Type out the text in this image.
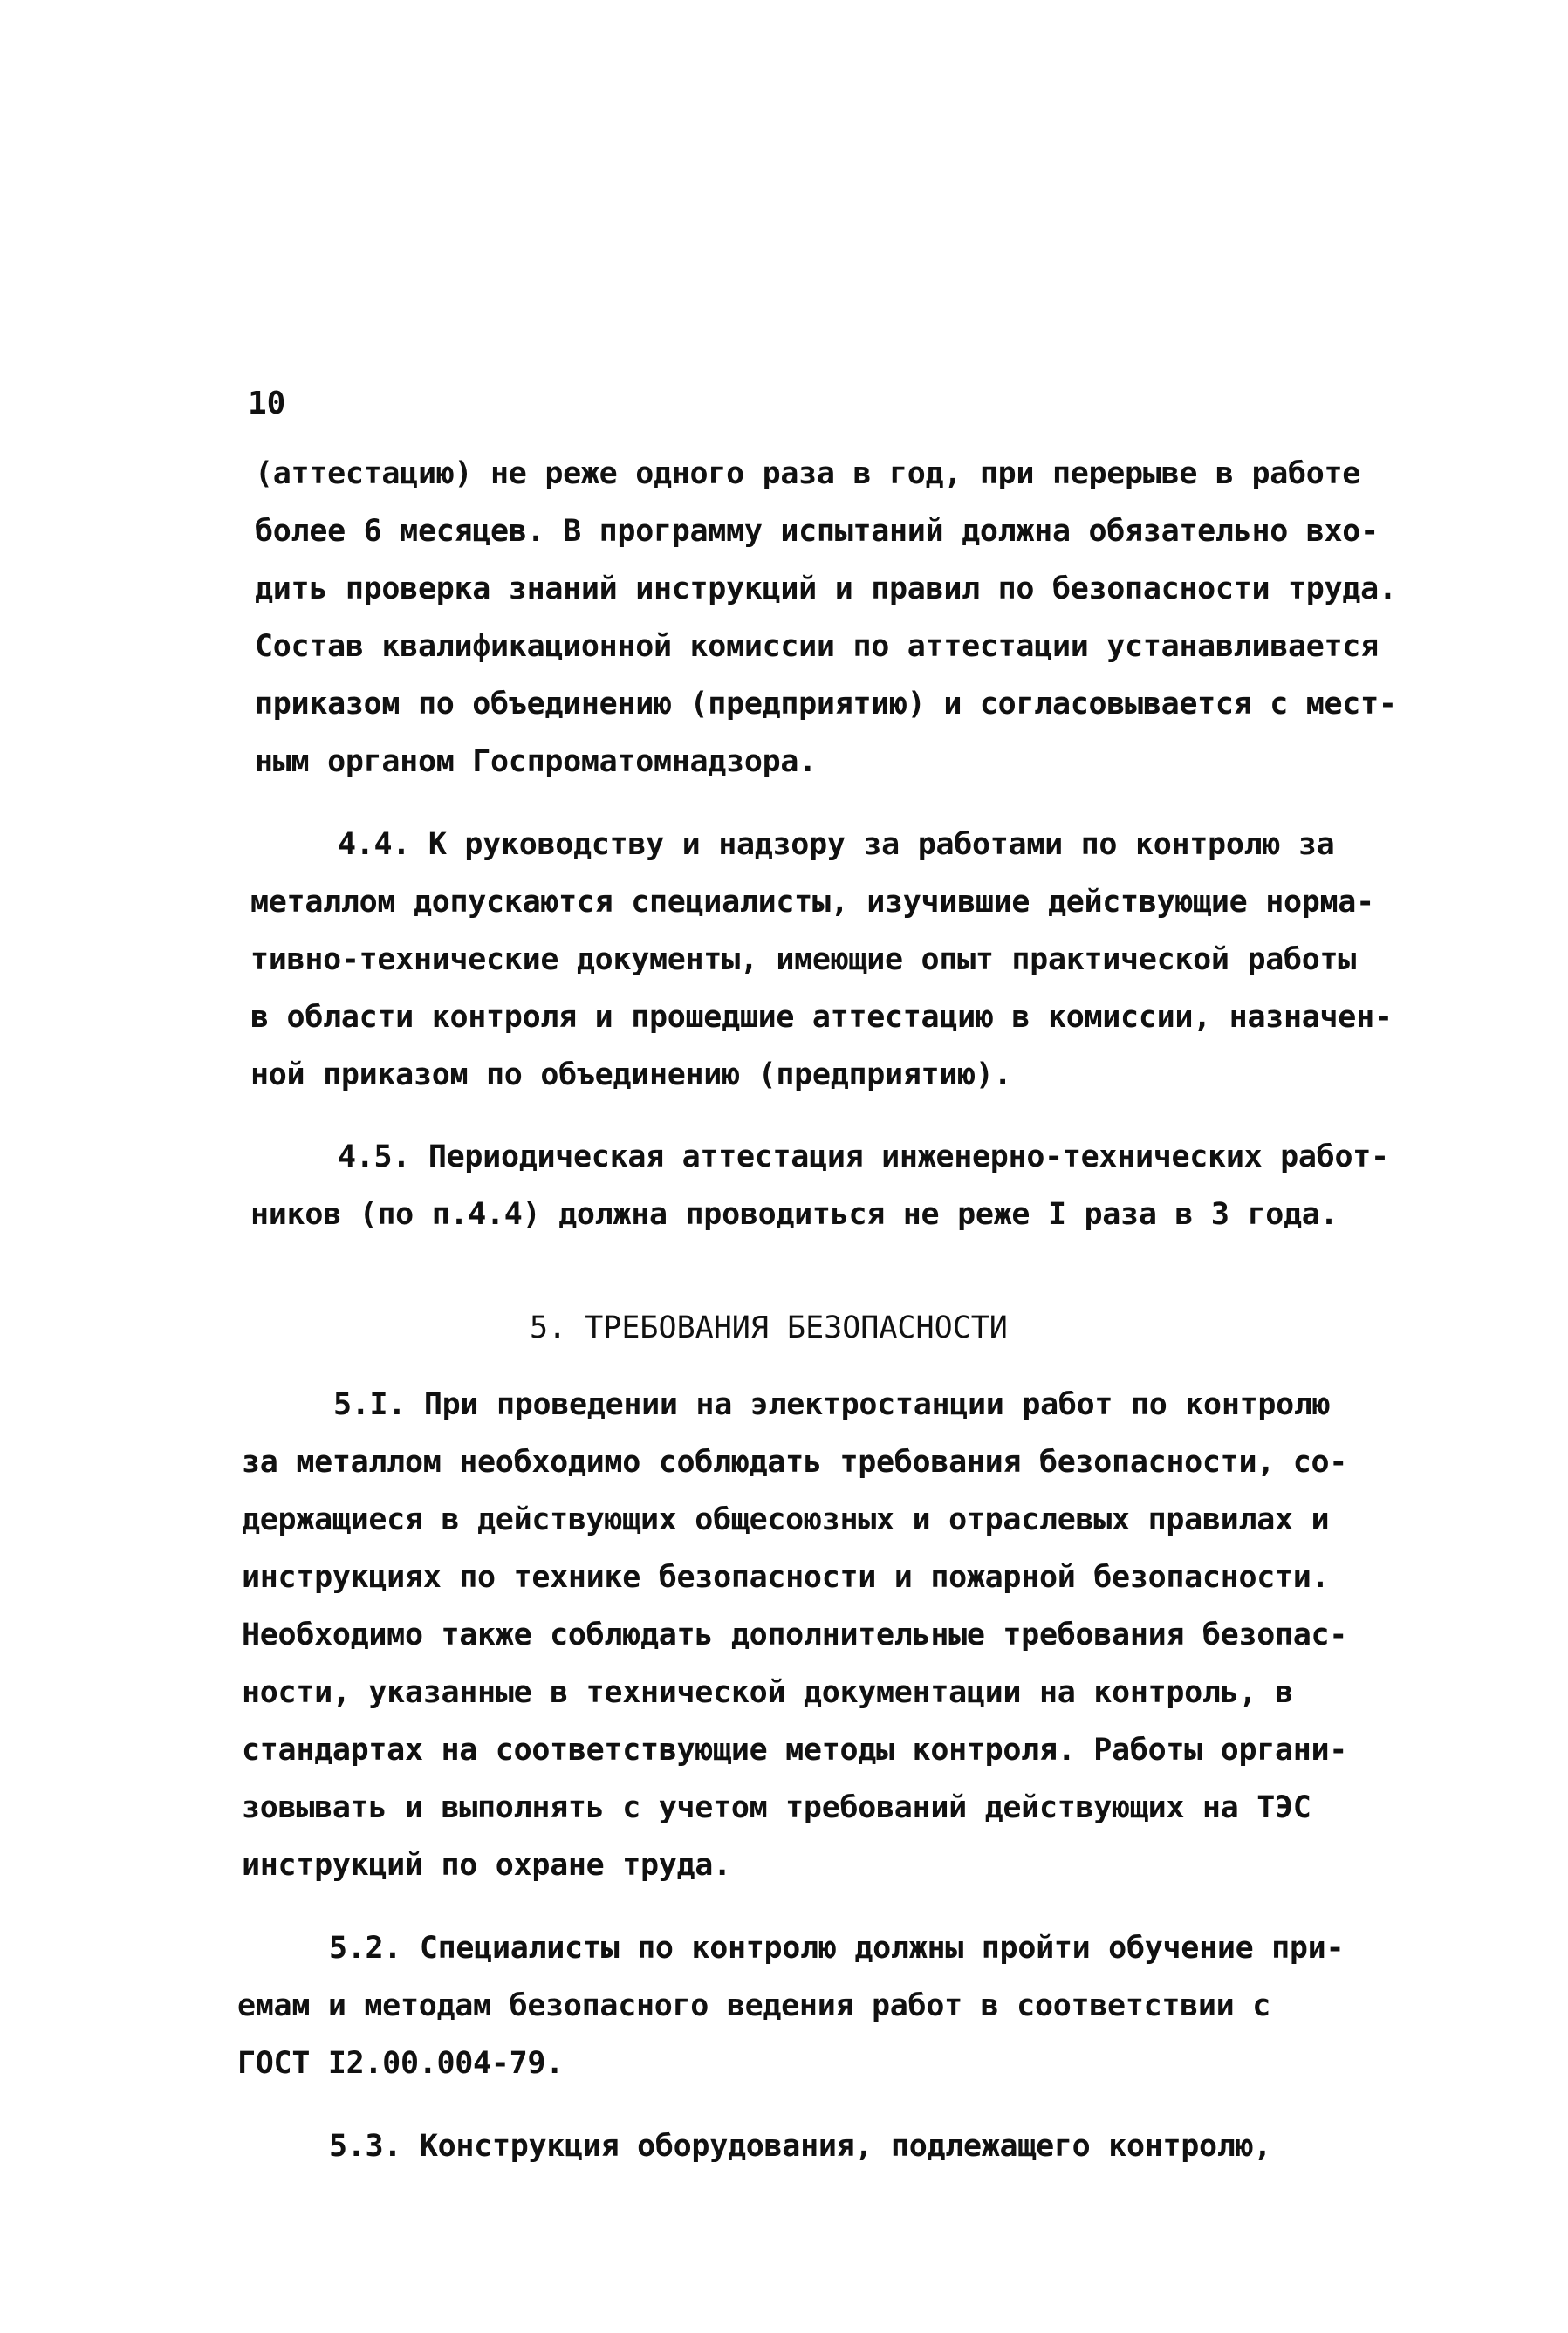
10
(аттестацию) не реже одного раза в год, при перерыве в работе
более 6 месяцев. В программу испытаний должна обязательно вхо-
дить проверка знаний инструкций и правил по безопасности труда.
Состав квалификационной комиссии по аттестации устанавливается
приказом по объединению (предприятию) и согласовывается с мест-
ным органом Госпроматомнадзора.
4.4. К руководству и надзору за работами по контролю за
металлом допускаются специалисты, изучившие действующие норма-
тивно-технические документы, имеющие опыт практической работы
в области контроля и прошедшие аттестацию в комиссии, назначен-
ной приказом по объединению (предприятию).
4.5. Периодическая аттестация инженерно-технических работ-
ников (по п.4.4) должна проводиться не реже I раза в 3 года.
5. ТРЕБОВАНИЯ БЕЗОПАСНОСТИ
5.I. При проведении на электростанции работ по контролю
за металлом необходимо соблюдать требования безопасности, со-
держащиеся в действующих общесоюзных и отраслевых правилах и
инструкциях по технике безопасности и пожарной безопасности.
Необходимо также соблюдать дополнительные требования безопас-
ности, указанные в технической документации на контроль, в
стандартах на соответствующие методы контроля. Работы органи-
зовывать и выполнять с учетом требований действующих на ТЭС
инструкций по охране труда.
5.2. Специалисты по контролю должны пройти обучение при-
емам и методам безопасного ведения работ в соответствии с
ГОСТ I2.00.004-79.
5.3. Конструкция оборудования, подлежащего контролю,
